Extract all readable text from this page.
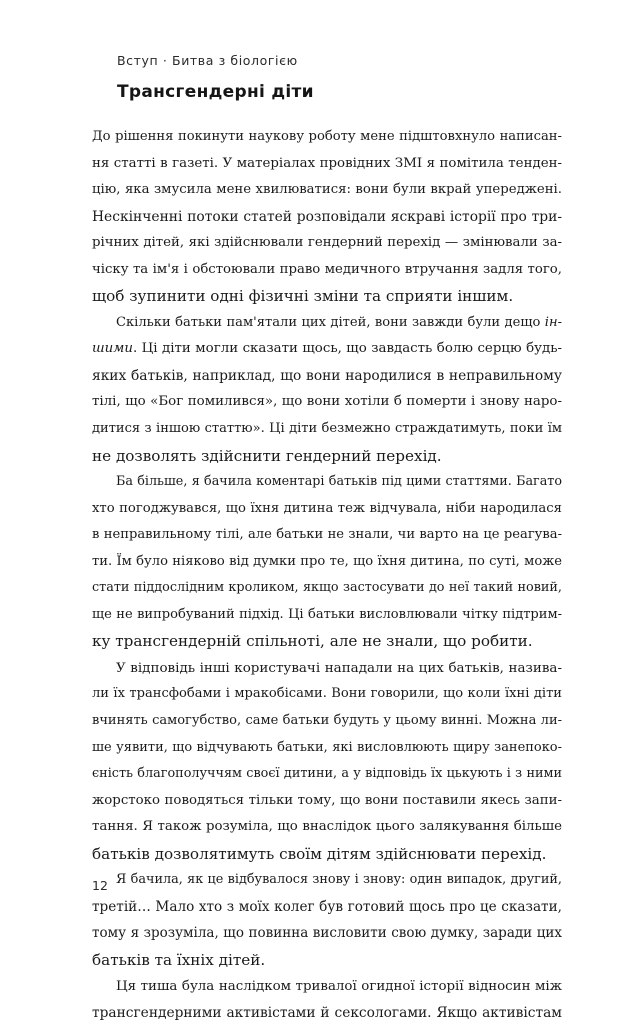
Вступ · Битва з біологією
Трансгендерні діти
До рішення покинути наукову роботу мене підштовхнуло написан-
ня статті в газеті. У матеріалах провідних ЗМІ я помітила тенден-
цію, яка змусила мене хвилюватися: вони були вкрай упереджені.
Нескінченні потоки статей розповідали яскраві історії про три-
річних дітей, які здійснювали гендерний перехід — змінювали за-
чіску та ім'я і обстоювали право медичного втручання задля того,
щоб зупинити одні фізичні зміни та сприяти іншим.
Скільки батьки пам'ятали цих дітей, вони завжди були дещо ін-
шими. Ці діти могли сказати щось, що завдасть болю серцю будь-
яких батьків, наприклад, що вони народилися в неправильному
тілі, що «Бог помилився», що вони хотіли б померти і знову наро-
дитися з іншою статтю». Ці діти безмежно страждатимуть, поки їм
не дозволять здійснити гендерний перехід.
Ба більше, я бачила коментарі батьків під цими статтями. Багато
хто погоджувався, що їхня дитина теж відчувала, ніби народилася
в неправильному тілі, але батьки не знали, чи варто на це реагува-
ти. Їм було ніяково від думки про те, що їхня дитина, по суті, може
стати піддослідним кроликом, якщо застосувати до неї такий новий,
ще не випробуваний підхід. Ці батьки висловлювали чітку підтрим-
ку трансгендерній спільноті, але не знали, що робити.
У відповідь інші користувачі нападали на цих батьків, назива-
ли їх трансфобами і мракобісами. Вони говорили, що коли їхні діти
вчинять самогубство, саме батьки будуть у цьому винні. Можна ли-
ше уявити, що відчувають батьки, які висловлюють щиру занепоко-
єність благополуччям своєї дитини, а у відповідь їх цькують і з ними
жорстоко поводяться тільки тому, що вони поставили якесь запи-
тання. Я також розуміла, що внаслідок цього залякування більше
батьків дозволятимуть своїм дітям здійснювати перехід.
Я бачила, як це відбувалося знову і знову: один випадок, другий,
третій… Мало хто з моїх колег був готовий щось про це сказати,
тому я зрозуміла, що повинна висловити свою думку, заради цих
батьків та їхніх дітей.
Ця тиша була наслідком тривалої огидної історії відносин між
трансгендерними активістами й сексологами. Якщо активістам
12
